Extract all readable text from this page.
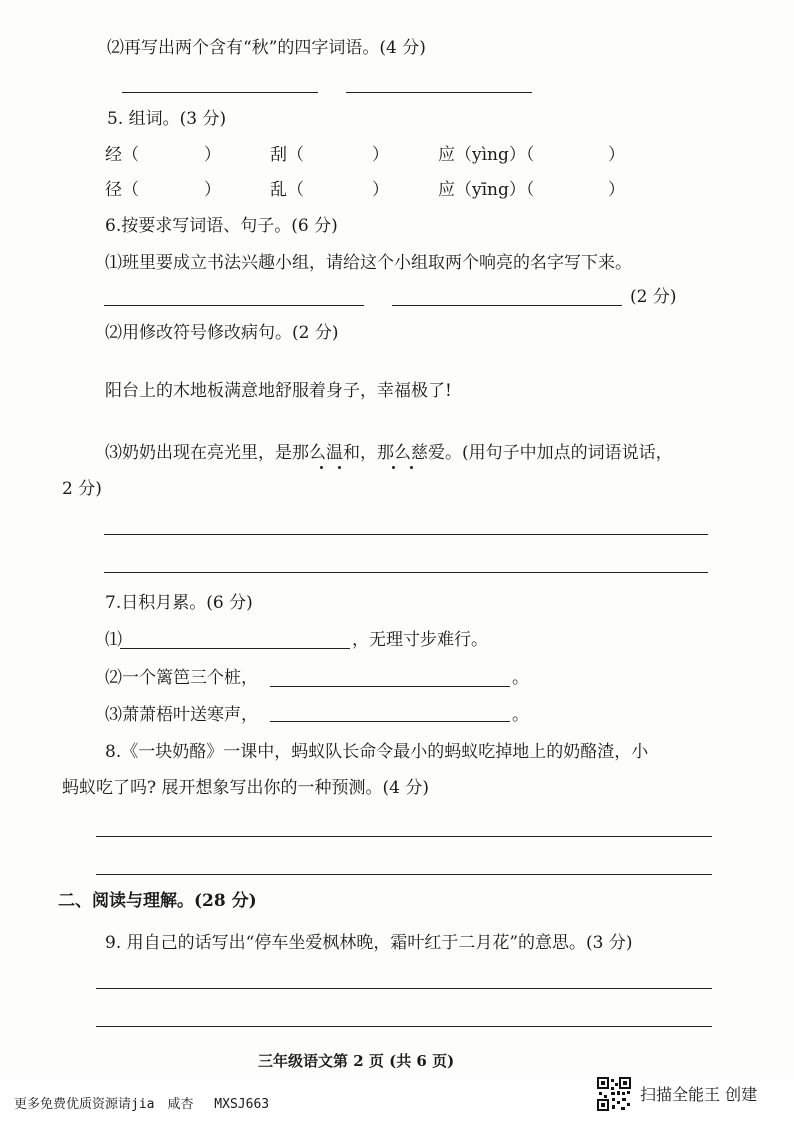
⑵再写出两个含有“秋”的四字词语。(4 分)
5. 组词。(3 分)
经（	）	刮（	）	应（yìng）（	）
径（	）	乱（	）	应（yīng）（	）
6.按要求写词语、句子。(6 分)
⑴班里要成立书法兴趣小组，请给这个小组取两个响亮的名字写下来。
(2 分)
⑵用修改符号修改病句。(2 分)
阳台上的木地板满意地舒服着身子，幸福极了!
⑶奶奶出现在亮光里，是那么温和，那么慈爱。(用句子中加点的词语说话，
2 分)
7.日积月累。(6 分)
⑴	，无理寸步难行。
⑵一个篱笆三个桩，	。
⑶萧萧梧叶送寒声，	。
8.《一块奶酪》一课中，蚂蚁队长命令最小的蚂蚁吃掉地上的奶酪渣，小
蚂蚁吃了吗? 展开想象写出你的一种预测。(4 分)
二、阅读与理解。(28 分)
9. 用自己的话写出“停车坐爱枫林晚，霜叶红于二月花”的意思。(3 分)
三年级语文第 2 页 (共 6 页)
更多免费优质资源请jia　咸杏　 MXSJ663
扫描全能王 创建
